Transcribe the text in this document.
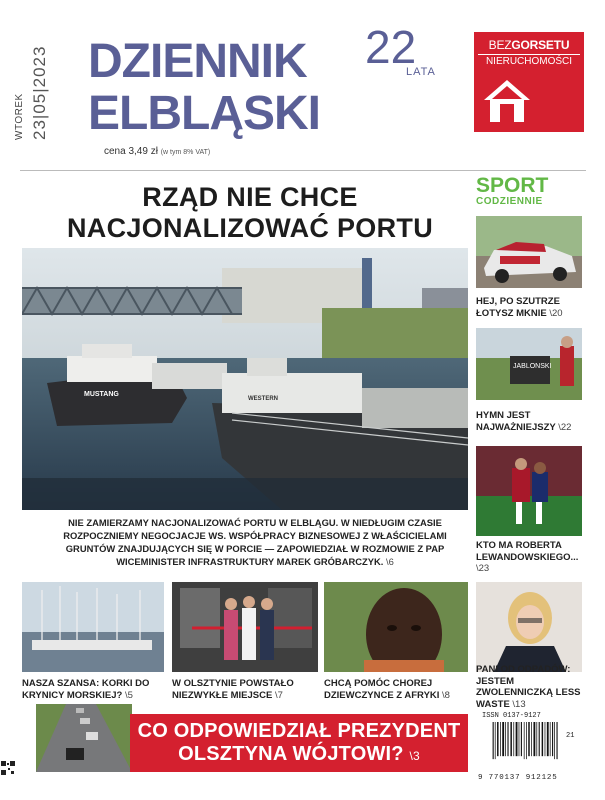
WTOREK 23|05|2023 DZIENNIK
ELBLĄSKI
22
LATA
cena 3,49 zł (w tym 8% VAT)
BEZGORSETU
NIERUCHOMOŚCI
RZĄD NIE CHCE NACJONALIZOWAĆ PORTU
MUSTANG
WESTERN
NIE ZAMIERZAMY NACJONALIZOWAĆ PORTU W ELBLĄGU. W NIEDŁUGIM CZASIE ROZPOCZNIEMY NEGOCJACJE WS. WSPÓŁPRACY BIZNESOWEJ Z WŁAŚCICIELAMI GRUNTÓW ZNAJDUJĄCYCH SIĘ W PORCIE — ZAPOWIEDZIAŁ W ROZMOWIE Z PAP WICEMINISTER INFRASTRUKTURY MAREK GRÓBARCZYK. \6
SPORT
CODZIENNIE
HEJ, PO SZUTRZE ŁOTYSZ MKNIE \20
JABLONSKI
HYMN JEST NAJWAŻNIEJSZY \22
KTO MA ROBERTA LEWANDOWSKIEGO... \23
NASZA SZANSA: KORKI DO KRYNICY MORSKIEJ? \5
W OLSZTYNIE POWSTAŁO NIEZWYKŁE MIEJSCE \7
CHCĄ POMÓC CHOREJ DZIEWCZYNCE Z AFRYKI \8
PANI OD ODPADÓW: JESTEM ZWOLENNICZKĄ LESS WASTE \13
CO ODPOWIEDZIAŁ PREZYDENT OLSZTYNA WÓJTOWI? \3
ISSN 0137-9127
21
9 770137 912125
